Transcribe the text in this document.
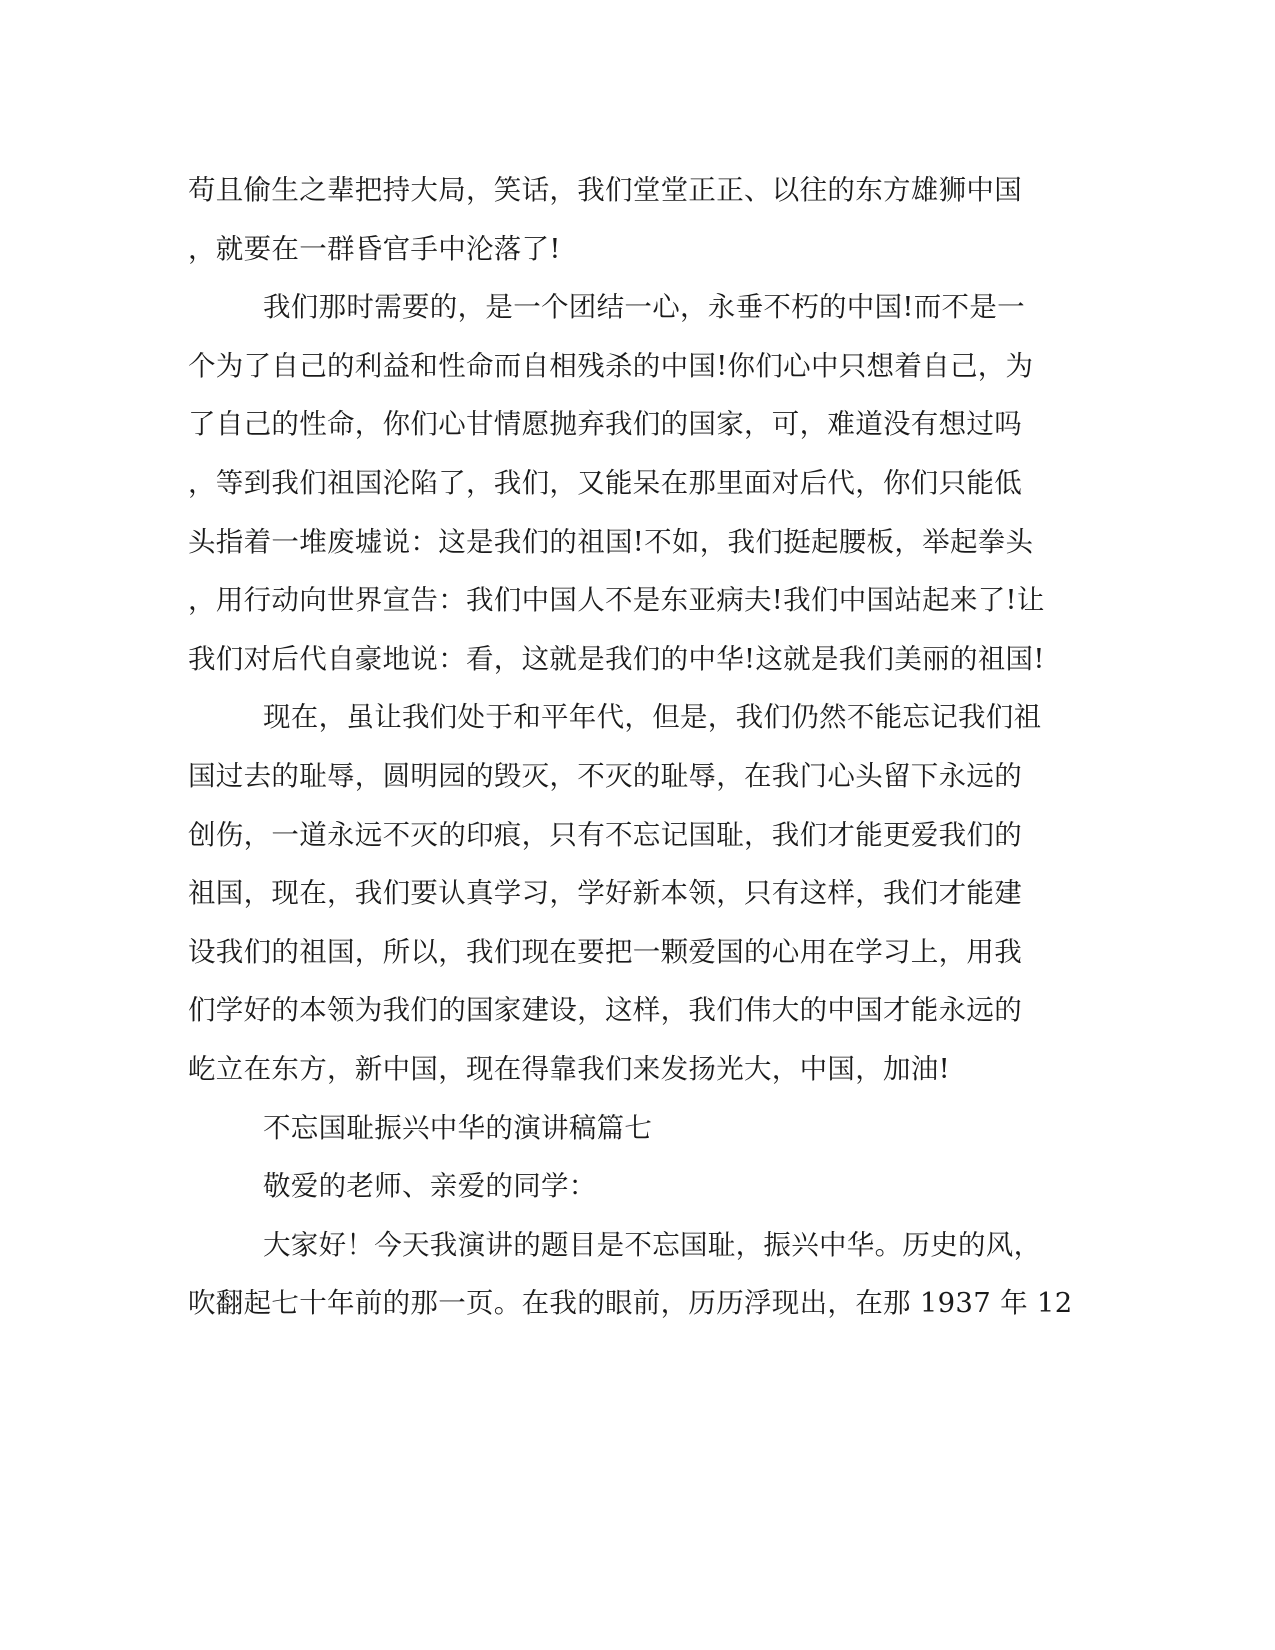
苟且偷生之辈把持大局，笑话，我们堂堂正正、以往的东方雄狮中国
，就要在一群昏官手中沦落了!
我们那时需要的，是一个团结一心，永垂不朽的中国!而不是一
个为了自己的利益和性命而自相残杀的中国!你们心中只想着自己，为
了自己的性命，你们心甘情愿抛弃我们的国家，可，难道没有想过吗
，等到我们祖国沦陷了，我们，又能呆在那里面对后代，你们只能低
头指着一堆废墟说：这是我们的祖国!不如，我们挺起腰板，举起拳头
，用行动向世界宣告：我们中国人不是东亚病夫!我们中国站起来了!让
我们对后代自豪地说：看，这就是我们的中华!这就是我们美丽的祖国!
现在，虽让我们处于和平年代，但是，我们仍然不能忘记我们祖
国过去的耻辱，圆明园的毁灭，不灭的耻辱，在我门心头留下永远的
创伤，一道永远不灭的印痕，只有不忘记国耻，我们才能更爱我们的
祖国，现在，我们要认真学习，学好新本领，只有这样，我们才能建
设我们的祖国，所以，我们现在要把一颗爱国的心用在学习上，用我
们学好的本领为我们的国家建设，这样，我们伟大的中国才能永远的
屹立在东方，新中国，现在得靠我们来发扬光大，中国，加油!
不忘国耻振兴中华的演讲稿篇七
敬爱的老师、亲爱的同学：
大家好！今天我演讲的题目是不忘国耻，振兴中华。历史的风，
吹翻起七十年前的那一页。在我的眼前，历历浮现出，在那 1937 年 12
